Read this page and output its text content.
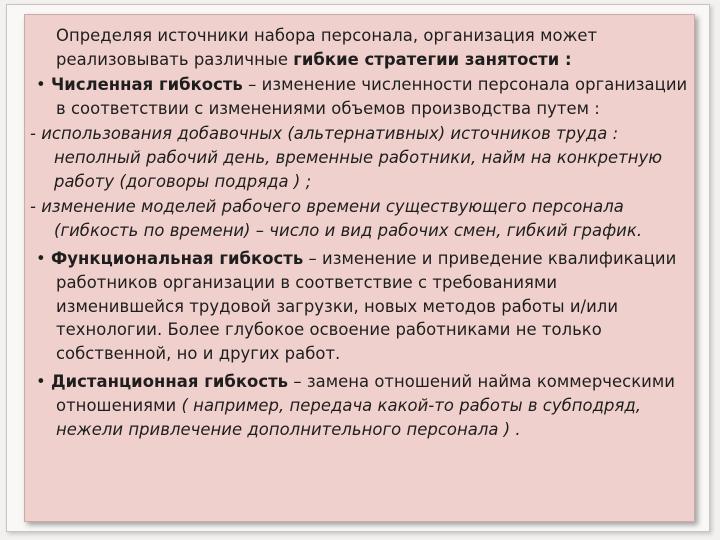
Определяя источники набора персонала, организация может реализовывать различные гибкие стратегии занятости :

• Численная гибкость – изменение численности персонала организации в соответствии с изменениями объемов производства путем :

- использования добавочных (альтернативных) источников труда : неполный рабочий день, временные работники, найм на конкретную работу (договоры подряда ) ;

- изменение моделей рабочего времени существующего персонала (гибкость по времени) – число и вид рабочих смен, гибкий график.

• Функциональная гибкость – изменение и приведение квалификации работников организации в соответствие с требованиями изменившейся трудовой загрузки, новых методов работы и/или технологии. Более глубокое освоение работниками не только собственной, но и других работ.

• Дистанционная гибкость – замена отношений найма коммерческими отношениями ( например, передача какой-то работы в субподряд, нежели привлечение дополнительного персонала ) .
